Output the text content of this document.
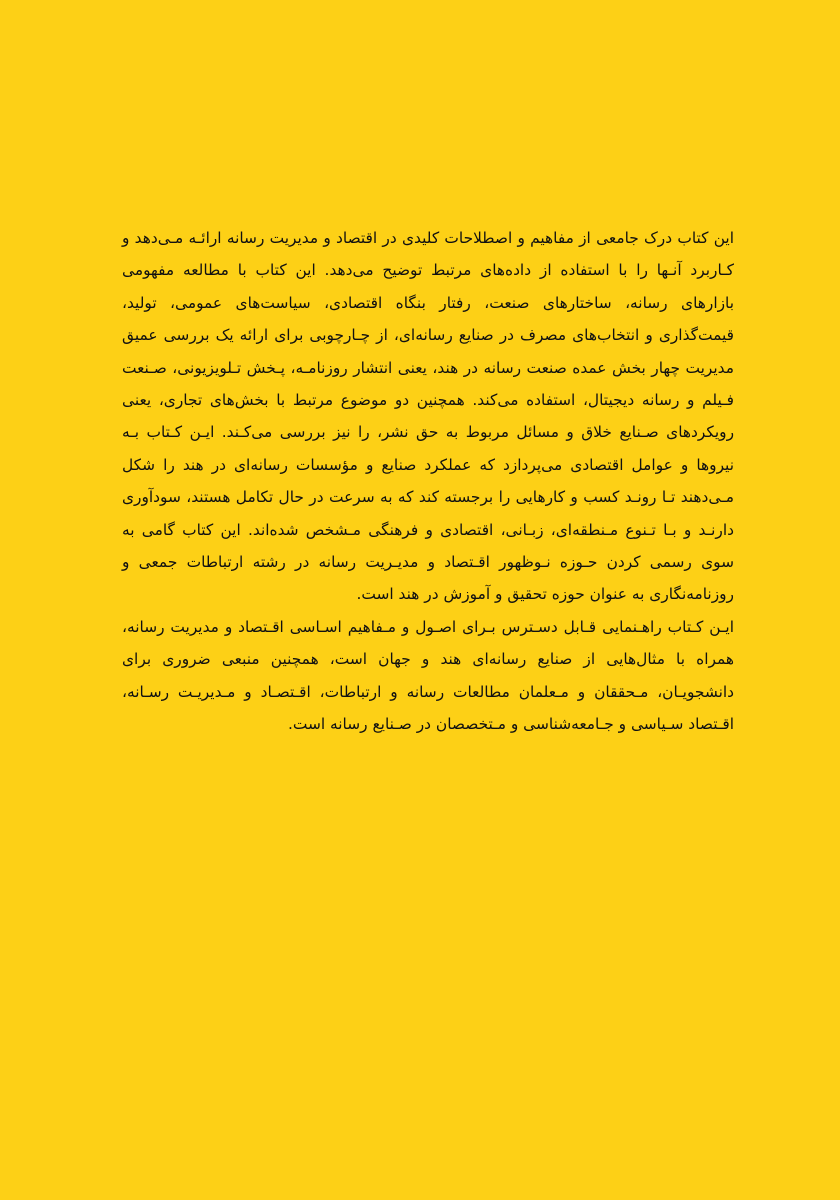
این کتاب درک جامعی از مفاهیم و اصطلاحات کلیدی در اقتصاد و مدیریت رسانه ارائـه مـی‌دهد و کـاربرد آنـها را با استفاده از داده‌های مرتبط توضیح می‌دهد. این کتاب با مطالعه مفهومی بازارهای رسانه، ساختارهای صنعت، رفتار بنگاه اقتصادی، سیاست‌های عمومی، تولید، قیمت‌گذاری و انتخاب‌های مصرف در صنایع رسانه‌ای، از چـارچوبی برای ارائه یک بررسی عمیق مدیریت چهار بخش عمده صنعت رسانه در هند، یعنی انتشار روزنامـه، پـخش تـلویزیونی، صـنعت فـیلم و رسانه دیجیتال، استفاده می‌کند. همچنین دو موضوع مرتبط با بخش‌های تجاری، یعنی رویکردهای صـنایع خلاق و مسائل مربوط به حق نشر، را نیز بررسی می‌کـند. ایـن کـتاب بـه نیروها و عوامل اقتصادی می‌پردازد که عملکرد صنایع و مؤسسات رسانه‌ای در هند را شکل مـی‌دهند تـا رونـد کسب و کارهایی را برجسته کند که به سرعت در حال تکامل هستند، سودآوری دارنـد و بـا تـنوع مـنطقه‌ای، زبـانی، اقتصادی و فرهنگی مـشخص شده‌اند. این کتاب گامی به سوی رسمی کردن حـوزه نـوظهور اقـتصاد و مدیـریت رسانه در رشته ارتباطات جمعی و روزنامه‌نگاری به عنوان حوزه تحقیق و آموزش در هند است.

ایـن کـتاب راهـنمایی قـابل دسـترس بـرای اصـول و مـفاهیم اسـاسی اقـتصاد و مدیریت رسانه، همراه با مثال‌هایی از صنایع رسانه‌ای هند و جهان است، همچنین منبعی ضروری برای دانشجویـان، مـحققان و مـعلمان مطالعات رسانه و ارتباطات، اقـتصـاد و مـدیریـت رسـانه، اقـتصاد سـیاسی و جـامعه‌شناسی و مـتخصصان در صـنایع رسانه است.
